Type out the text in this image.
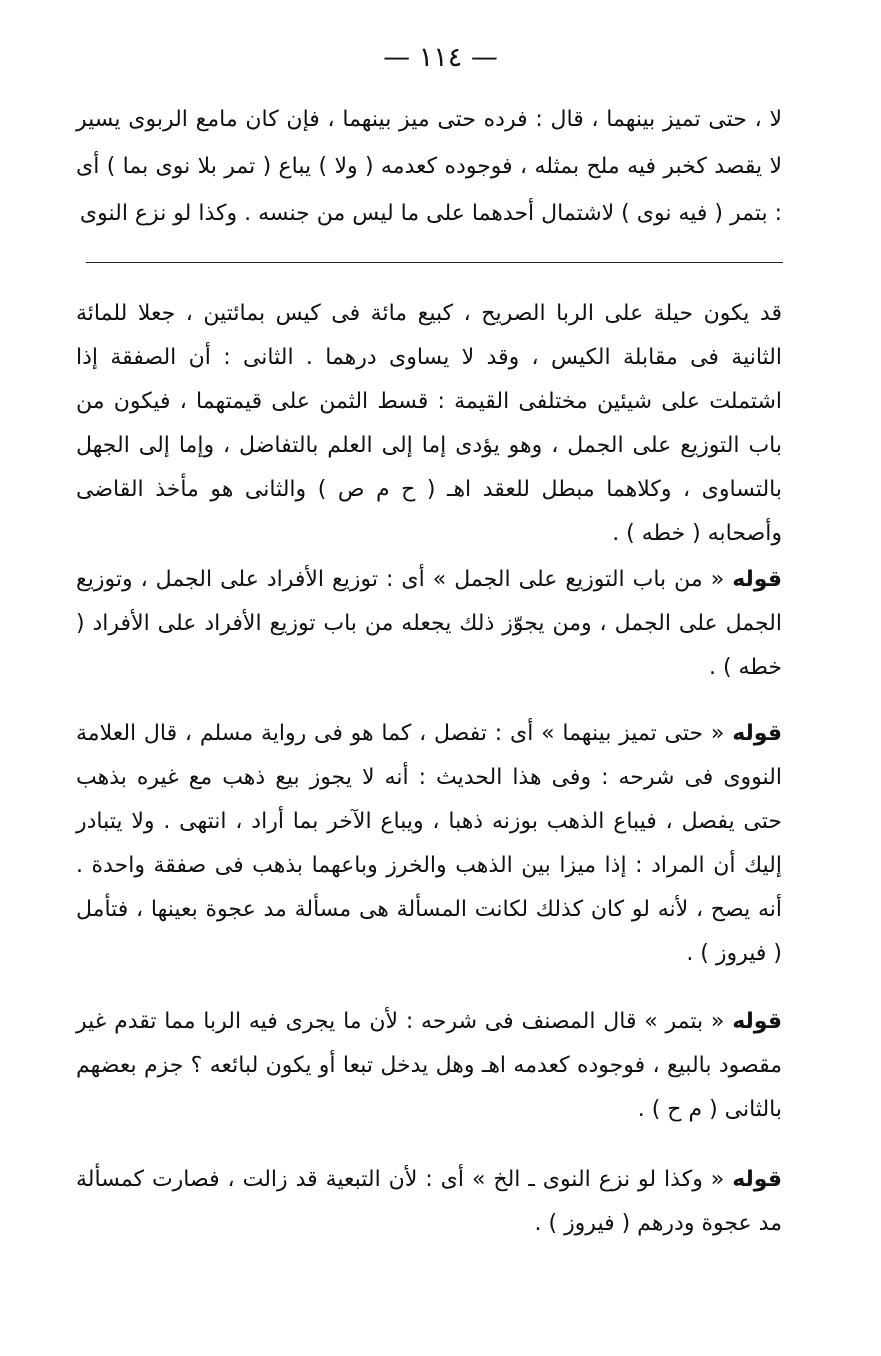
— ١١٤ —
لا ، حتى تميز بينهما ، قال : فرده حتى ميز بينهما ، فإن كان مامع الربوى يسير لا يقصد كخبر فيه ملح بمثله ، فوجوده كعدمه ( ولا ) يباع ( تمر بلا نوى بما ) أى : بتمر ( فيه نوى ) لاشتمال أحدهما على ما ليس من جنسه . وكذا لو نزع النوى
قد يكون حيلة على الربا الصريح ، كبيع مائة فى كيس بمائتين ، جعلا للمائة الثانية فى مقابلة الكيس ، وقد لا يساوى درهما . الثانى : أن الصفقة إذا اشتملت على شيئين مختلفى القيمة : قسط الثمن على قيمتهما ، فيكون من باب التوزيع على الجمل ، وهو يؤدى إما إلى العلم بالتفاضل ، وإما إلى الجهل بالتساوى ، وكلاهما مبطل للعقد اهـ ( ح م ص ) والثانى هو مأخذ القاضى وأصحابه ( خطه ) .
قوله « من باب التوزيع على الجمل » أى : توزيع الأفراد على الجمل ، وتوزيع الجمل على الجمل ، ومن يجوّز ذلك يجعله من باب توزيع الأفراد على الأفراد ( خطه ) .
قوله « حتى تميز بينهما » أى : تفصل ، كما هو فى رواية مسلم ، قال العلامة النووى فى شرحه : وفى هذا الحديث : أنه لا يجوز بيع ذهب مع غيره بذهب حتى يفصل ، فيباع الذهب بوزنه ذهبا ، ويباع الآخر بما أراد ، انتهى . ولا يتبادر إليك أن المراد : إذا ميزا بين الذهب والخرز وباعهما بذهب فى صفقة واحدة . أنه يصح ، لأنه لو كان كذلك لكانت المسألة هى مسألة مد عجوة بعينها ، فتأمل ( فيروز ) .
قوله « بتمر » قال المصنف فى شرحه : لأن ما يجرى فيه الربا مما تقدم غير مقصود بالبيع ، فوجوده كعدمه اهـ وهل يدخل تبعا أو يكون لبائعه ؟ جزم بعضهم بالثانى ( م ح ) .
قوله « وكذا لو نزع النوى ـ الخ » أى : لأن التبعية قد زالت ، فصارت كمسألة مد عجوة ودرهم ( فيروز ) .
